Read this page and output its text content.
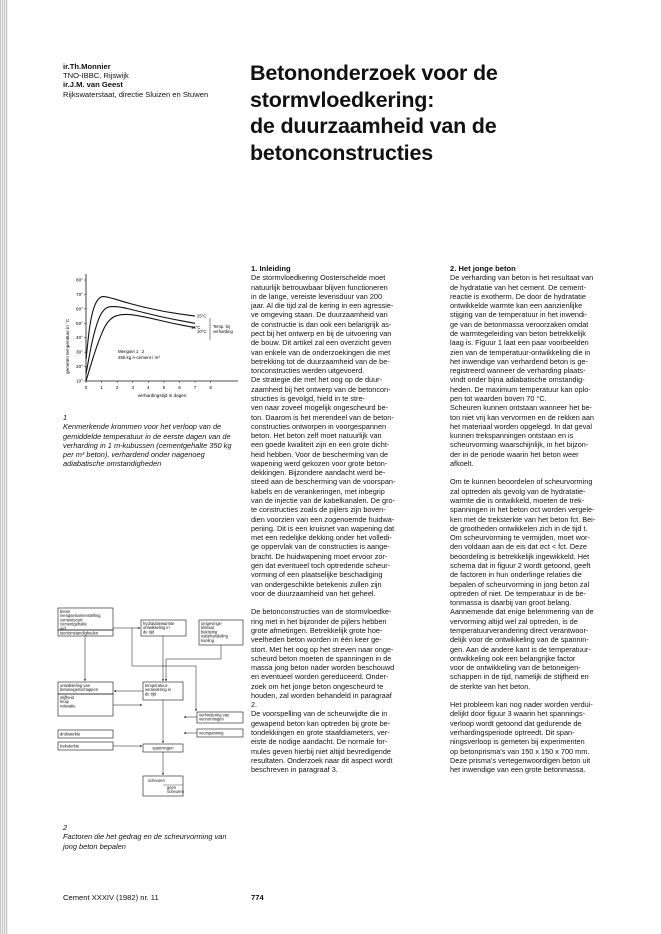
ir.Th.Monnier
TNO-IBBC, Rijswijk
ir.J.M. van Geest
Rijkswaterstaat, directie Sluizen en Stuwen
Betononderzoek voor de
stormvloedkering:
de duurzaamheid van de
betonconstructies
gemeten temperatuur in °C
10°
20°
30°
40°
50°
60°
70°
80°
0	1	2	3	4	5	6	7	8
verhardingstijd in dagen
25°C
15°C
10°C
Temp. bij
verharding
Mengsel 1 : 2
350 kg A-cement / m³
1
Kenmerkende krommen voor het verloop van de gemiddelde temperatuur in de eerste dagen van de verharding in 1 m-kubussen (cementgehalte 350 kg per m³ beton), verhardend onder nagenoeg adiabatische omstandigheden
beton
mengselsamenstelling
cementsoort
cementgehalte
wcf
stortomstandigheden
hydratatiewarmte
ontwikkeling in
de tijd
omgevings-
klimaat
bekisting
nabehandeling
koeling
ontwikkeling van
betoneigenschappen
temperatuur-
verandering in
de tijd
stijfheid
kruip
relaxatie
druksterkte
treksterkte
verhindering van
vervormingen
voorspanning
spanningen
scheuren
geen
scheuren
2
Factoren die het gedrag en de scheurvorming van jong beton bepalen
1. Inleiding
De stormvloedkering Oosterschelde moet
natuurlijk betrouwbaar blijven functioneren
in de lange, vereiste levensduur van 200
jaar. Al die tijd zal de kering in een agressie-
ve omgeving staan. De duurzaamheid van
de constructie is dan ook een belangrijk as-
pect bij het ontwerp en bij de uitvoering van
de bouw. Dit artikel zal een overzicht geven
van enkele van de onderzoekingen die met
betrekking tot de duurzaamheid van de be-
tonconstructies werden uitgevoerd.
De strategie die met het oog op de duur-
zaamheid bij het ontwerp van de betoncon-
structies is gevolgd, hield in te stre-
ven naar zoveel mogelijk ongescheurd be-
ton. Daarom is het merendeel van de beton-
constructies ontworpen in voorgespannen
beton. Het beton zelf moet natuurlijk van
een goede kwaliteit zijn en een grote dicht-
heid hebben. Voor de bescherming van de
wapening werd gekozen voor grote beton-
dekkingen. Bijzondere aandacht werd be-
steed aan de bescherming van de voorspan-
kabels en de verankeringen, met inbegrip
van de injectie van de kabelkanalen. De gro-
te constructies zoals de pijlers zijn boven-
dien voorzien van een zogenoemde huidwa-
pening. Dit is een kruisnet van wapening dat
met een redelijke dekking onder het volledi-
ge oppervlak van de constructies is aange-
bracht. De huidwapening moet ervoor zor-
gen dat eventueel toch optredende scheur-
vorming of een plaatselijke beschadiging
van ondergeschikte betekenis zullen zijn
voor de duurzaamheid van het geheel.
De betonconstructies van de stormvloedke-
ring met in het bijzonder de pijlers hebben
grote afmetingen. Betrekkelijk grote hoe-
veelheden beton worden in één keer ge-
stort. Met het oog op het streven naar onge-
scheurd beton moeten de spanningen in de
massa jong beton nader worden beschouwd
en eventueel worden gereduceerd. Onder-
zoek om het jonge beton ongescheurd te
houden, zal worden behandeld in paragraaf
2.
De voorspelling van de scheurwijdte die in
gewapend beton kan optreden bij grote be-
tondekkingen en grote staafdiameters, ver-
eiste de nodige aandacht. De normale for-
mules geven hierbij niet altijd bevredigende
resultaten. Onderzoek naar dit aspect wordt
beschreven in paragraaf 3.
2. Het jonge beton
De verharding van beton is het resultaat van
de hydratatie van het cement. De cement-
reactie is exotherm. De door de hydratatie
ontwikkelde warmte kan een aanzienlijke
stijging van de temperatuur in het inwendi-
ge van de betonmassa veroorzaken omdat
de warmtegeleiding van beton betrekkelijk
laag is. Figuur 1 laat een paar voorbeelden
zien van de temperatuur-ontwikkeling die in
het inwendige van verhardend beton is ge-
registreerd wanneer de verharding plaats-
vindt onder bijna adiabatische omstandig-
heden. De maximum temperatuur kan oplo-
pen tot waarden boven 70 °C.
Scheuren kunnen ontstaan wanneer het be-
ton niet vrij kan vervormen en de rekken aan
het materiaal worden opgelegd. In dat geval
kunnen trekspanningen ontstaan en is
scheurvorming waarschijnlijk, in het bijzon-
der in de periode waarin het beton weer
afkoelt.
Om te kunnen beoordelen of scheurvorming
zal optreden als gevolg van de hydratatie-
warmte die is ontwikkeld, moeten de trek-
spanningen in het beton σct worden vergele-
ken met de treksterkte van het beton fct. Bei-
de grootheden ontwikkelen zich in de tijd t.
Om scheurvorming te vermijden, moet wor-
den voldaan aan de eis dat σct < fct. Deze
beoordeling is betrekkelijk ingewikkeld. Het
schema dat in figuur 2 wordt getoond, geeft
de factoren in hun onderlinge relaties die
bepalen of scheurvorming in jong beton zal
optreden of niet. De temperatuur in de be-
tonmassa is daarbij van groot belang.
Aannemende dat enige belemmering van de
vervorming altijd wel zal optreden, is de
temperatuurverandering direct verantwoor-
delijk voor de ontwikkeling van de spannin-
gen. Aan de andere kant is de temperatuur-
ontwikkeling ook een belangrijke factor
voor de ontwikkeling van de betoneigen-
schappen in de tijd, namelijk de stijfheid en
de sterkte van het beton.
Het probleem kan nog nader worden verdui-
delijkt door figuur 3 waarin het spannings-
verloop wordt getoond dat gedurende de
verhardingsperiode optreedt. Dit span-
ningsverloop is gemeten bij experimenten
op betonprisma's van 150 x 150 x 700 mm.
Deze prisma's vertegenwoordigen beton uit
het inwendige van een grote betonmassa.
Cement XXXIV (1982) nr. 11	774
